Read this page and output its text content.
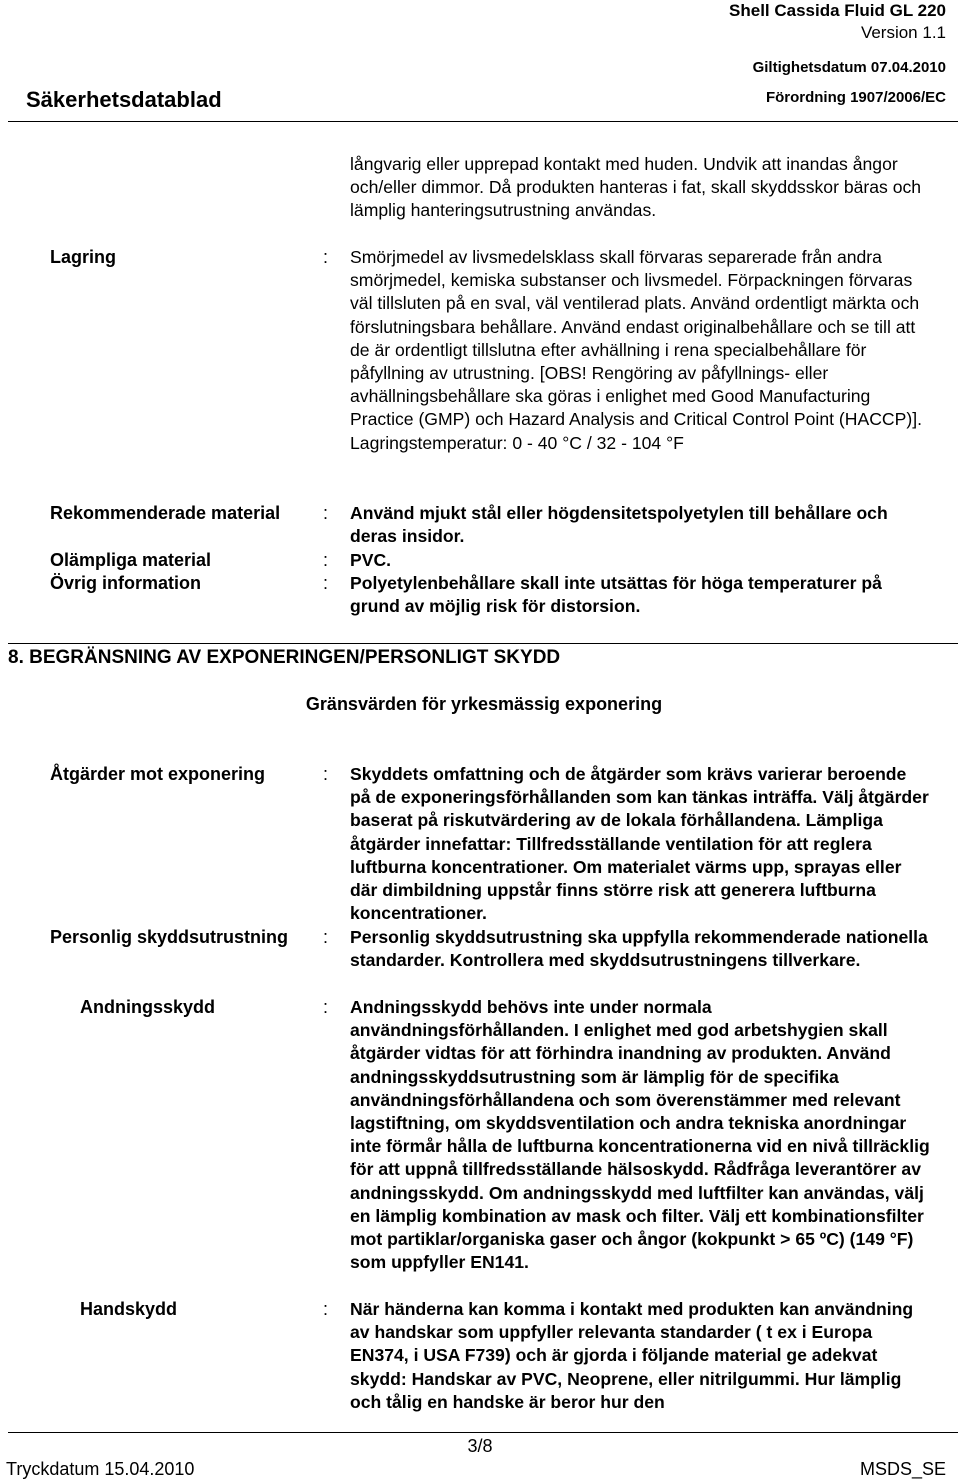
Shell Cassida Fluid GL 220
Version 1.1
Giltighetsdatum 07.04.2010
Säkerhetsdatablad	Förordning 1907/2006/EC
långvarig eller upprepad kontakt med huden. Undvik att inandas ångor och/eller dimmor. Då produkten hanteras i fat, skall skyddsskor bäras och lämplig hanteringsutrustning användas.
Lagring	: Smörjmedel av livsmedelsklass skall förvaras separerade från andra smörjmedel, kemiska substanser och livsmedel. Förpackningen förvaras väl tillsluten på en sval, väl ventilerad plats. Använd ordentligt märkta och förslutningsbara behållare. Använd endast originalbehållare och se till att de är ordentligt tillslutna efter avhällning i rena specialbehållare för påfyllning av utrustning. [OBS! Rengöring av påfyllnings- eller avhällningsbehållare ska göras i enlighet med Good Manufacturing Practice (GMP) och Hazard Analysis and Critical Control Point (HACCP)]. Lagringstemperatur: 0 - 40 °C / 32 - 104 °F
Rekommenderade material	: Använd mjukt stål eller högdensitetspolyetylen till behållare och deras insidor.
Olämpliga material	: PVC.
Övrig information	: Polyetylenbehållare skall inte utsättas för höga temperaturer på grund av möjlig risk för distorsion.
8. BEGRÄNSNING AV EXPONERINGEN/PERSONLIGT SKYDD
Gränsvärden för yrkesmässig exponering
Åtgärder mot exponering	: Skyddets omfattning och de åtgärder som krävs varierar beroende på de exponeringsförhållanden som kan tänkas inträffa. Välj åtgärder baserat på riskutvärdering av de lokala förhållandena. Lämpliga åtgärder innefattar: Tillfredsställande ventilation för att reglera luftburna koncentrationer. Om materialet värms upp, sprayas eller där dimbildning uppstår finns större risk att generera luftburna koncentrationer.
Personlig skyddsutrustning : Personlig skyddsutrustning ska uppfylla rekommenderade nationella standarder. Kontrollera med skyddsutrustningens tillverkare.
Andningsskydd	: Andningsskydd behövs inte under normala användningsförhållanden. I enlighet med god arbetshygien skall åtgärder vidtas för att förhindra inandning av produkten. Använd andningsskyddsutrustning som är lämplig för de specifika användningsförhållandena och som överenstämmer med relevant lagstiftning, om skyddsventilation och andra tekniska anordningar inte förmår hålla de luftburna koncentrationerna vid en nivå tillräcklig för att uppnå tillfredsställande hälsoskydd. Rådfråga leverantörer av andningsskydd. Om andningsskydd med luftfilter kan användas, välj en lämplig kombination av mask och filter. Välj ett kombinationsfilter mot partiklar/organiska gaser och ångor (kokpunkt > 65 ºC) (149 °F) som uppfyller EN141.
Handskydd	: När händerna kan komma i kontakt med produkten kan användning av handskar som uppfyller relevanta standarder ( t ex i Europa EN374, i USA F739) och är gjorda i följande material ge adekvat skydd: Handskar av PVC, Neoprene, eller nitrilgummi. Hur lämplig och tålig en handske är beror hur den
3/8
Tryckdatum 15.04.2010	MSDS_SE
